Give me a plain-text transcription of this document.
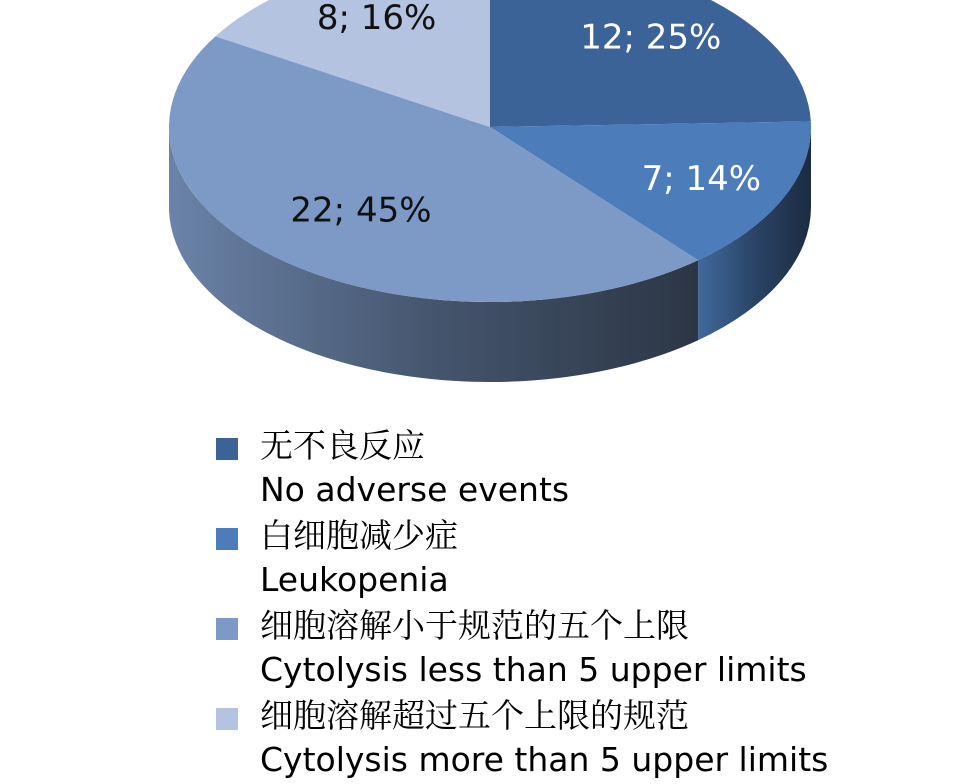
12; 25%
7; 14%
22; 45%
8; 16%
无不良反应
No adverse events
白细胞减少症
Leukopenia
细胞溶解小于规范的五个上限
Cytolysis less than 5 upper limits
细胞溶解超过五个上限的规范
Cytolysis more than 5 upper limits
